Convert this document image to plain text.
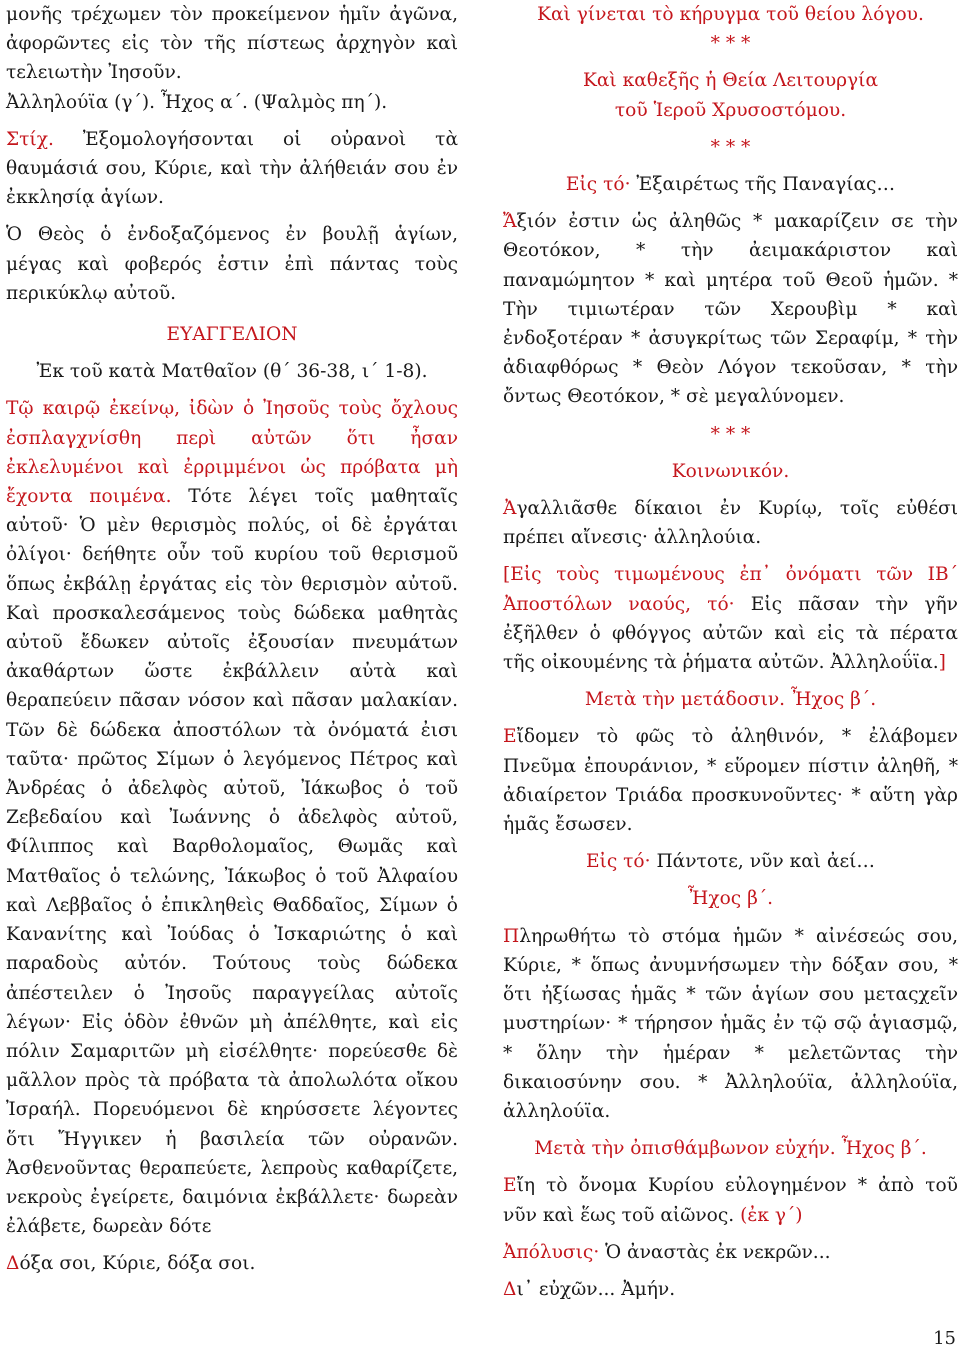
μονῆς τρέχωμεν τὸν προκείμενον ἡμῖν ἀγῶνα, ἀφορῶντες εἰς τὸν τῆς πίστεως ἀρχηγὸν καὶ τελειωτὴν Ἰησοῦν.

Ἀλληλούϊα (γ΄). Ἦχος α΄. (Ψαλμὸς πη΄).

Στίχ. Ἐξομολογήσονται οἱ οὐρανοὶ τὰ θαυμάσιά σου, Κύριε, καὶ τὴν ἀλήθειάν σου ἐν ἐκκλησίᾳ ἁγίων.

Ὁ Θεὸς ὁ ἐνδοξαζόμενος ἐν βουλῇ ἁγίων, μέγας καὶ φοβερός ἐστιν ἐπὶ πάντας τοὺς περικύκλῳ αὐτοῦ.

ΕΥΑΓΓΕΛΙΟΝ

Ἐκ τοῦ κατὰ Ματθαῖον (θ΄ 36-38, ι΄ 1-8).

Τῷ καιρῷ ἐκείνῳ, ἰδὼν ὁ Ἰησοῦς τοὺς ὄχλους ἐσπλαγχνίσθη περὶ αὐτῶν ὅτι ἦσαν ἐκλελυμένοι καὶ ἐρριμμένοι ὡς πρόβατα μὴ ἔχοντα ποιμένα. Τότε λέγει τοῖς μαθηταῖς αὐτοῦ· Ὁ μὲν θερισμὸς πολύς, οἱ δὲ ἐργάται ὀλίγοι· δεήθητε οὖν τοῦ κυρίου τοῦ θερισμοῦ ὅπως ἐκβάλῃ ἐργάτας εἰς τὸν θερισμὸν αὐτοῦ. Καὶ προσκαλεσάμενος τοὺς δώδεκα μαθητὰς αὐτοῦ ἔδωκεν αὐτοῖς ἐξουσίαν πνευμάτων ἀκαθάρτων ὥστε ἐκβάλλειν αὐτὰ καὶ θεραπεύειν πᾶσαν νόσον καὶ πᾶσαν μαλακίαν. Τῶν δὲ δώδεκα ἀποστόλων τὰ ὀνόματά ἐισι ταῦτα· πρῶτος Σίμων ὁ λεγόμενος Πέτρος καὶ Ἀνδρέας ὁ ἀδελφὸς αὐτοῦ, Ἰάκωβος ὁ τοῦ Ζεβεδαίου καὶ Ἰωάννης ὁ ἀδελφὸς αὐτοῦ, Φίλιππος καὶ Βαρθολομαῖος, Θωμᾶς καὶ Ματθαῖος ὁ τελώνης, Ἰάκωβος ὁ τοῦ Ἀλφαίου καὶ Λεββαῖος ὁ ἐπικληθεὶς Θαδδαῖος, Σίμων ὁ Κανανίτης καὶ Ἰούδας ὁ Ἰσκαριώτης ὁ καὶ παραδοὺς αὐτόν. Τούτους τοὺς δώδεκα ἀπέστειλεν ὁ Ἰησοῦς παραγγείλας αὐτοῖς λέγων· Εἰς ὁδὸν ἐθνῶν μὴ ἀπέλθητε, καὶ εἰς πόλιν Σαμαριτῶν μὴ εἰσέλθητε· πορεύεσθε δὲ μᾶλλον πρὸς τὰ πρόβατα τὰ ἀπολωλότα οἴκου Ἰσραήλ. Πορευόμενοι δὲ κηρύσσετε λέγοντες ὅτι Ἤγγικεν ἡ βασιλεία τῶν οὐρανῶν. Ἀσθενοῦντας θεραπεύετε, λεπροὺς καθαρίζετε, νεκροὺς ἐγείρετε, δαιμόνια ἐκβάλλετε· δωρεὰν ἐλάβετε, δωρεὰν δότε

Δόξα σοι, Κύριε, δόξα σοι.

Καὶ γίνεται τὸ κήρυγμα τοῦ θείου λόγου.

* * *

Καὶ καθεξῆς ἡ Θεία Λειτουργία

τοῦ Ἱεροῦ Χρυσοστόμου.

* * *

Εἰς τό· Ἐξαιρέτως τῆς Παναγίας…

Ἄξιόν ἐστιν ὡς ἀληθῶς * μακαρίζειν σε τὴν Θεοτόκον, * τὴν ἀειμακάριστον καὶ παναμώμητον * καὶ μητέρα τοῦ Θεοῦ ἡμῶν. * Τὴν τιμιωτέραν τῶν Χερουβὶμ * καὶ ἐνδοξοτέραν * ἀσυγκρίτως τῶν Σεραφίμ, * τὴν ἀδιαφθόρως * Θεὸν Λόγον τεκοῦσαν, * τὴν ὄντως Θεοτόκον, * σὲ μεγαλύνομεν.

* * *

Κοινωνικόν.

Ἀγαλλιᾶσθε δίκαιοι ἐν Κυρίῳ, τοῖς εὐθέσι πρέπει αἴνεσις· ἀλληλούια.

[Εἰς τοὺς τιμωμένους ἐπ᾽ ὀνόματι τῶν ΙΒ΄ Ἀποστόλων ναούς, τό· Εἰς πᾶσαν τὴν γῆν ἐξῆλθεν ὁ φθόγγος αὐτῶν καὶ εἰς τὰ πέρατα τῆς οἰκουμένης τὰ ῥήματα αὐτῶν. Ἀλληλοΰϊα.]

Μετὰ τὴν μετάδοσιν. Ἦχος β΄.

Εἴδομεν τὸ φῶς τὸ ἀληθινόν, * ἐλάβομεν Πνεῦμα ἐπουράνιον, * εὕρομεν πίστιν ἀληθῆ, * ἀδιαίρετον Τριάδα προσκυνοῦντες· * αὕτη γὰρ ἡμᾶς ἔσωσεν.

Εἰς τό· Πάντοτε, νῦν καὶ ἀεί…

Ἦχος β΄.

Πληρωθήτω τὸ στόμα ἡμῶν * αἰνέσεώς σου, Κύριε, * ὅπως ἀνυμνήσωμεν τὴν δόξαν σου, * ὅτι ἠξίωσας ἡμᾶς * τῶν ἁγίων σου μεταςχεῖν μυστηρίων· * τήρησον ἡμᾶς ἐν τῷ σῷ ἁγιασμῷ, * ὅλην τὴν ἡμέραν * μελετῶντας τὴν δικαιοσύνην σου. * Ἀλληλούϊα, ἀλληλούϊα, ἀλληλούϊα.

Μετὰ τὴν ὀπισθάμβωνον εὐχήν. Ἦχος β΄.

Εἴη τὸ ὄνομα Κυρίου εὐλογημένον * ἀπὸ τοῦ νῦν καὶ ἕως τοῦ αἰῶνος. (ἐκ γ΄)

Ἀπόλυσις· Ὁ ἀναστὰς ἐκ νεκρῶν...

Δι᾽ εὐχῶν... Ἀμήν.

15
